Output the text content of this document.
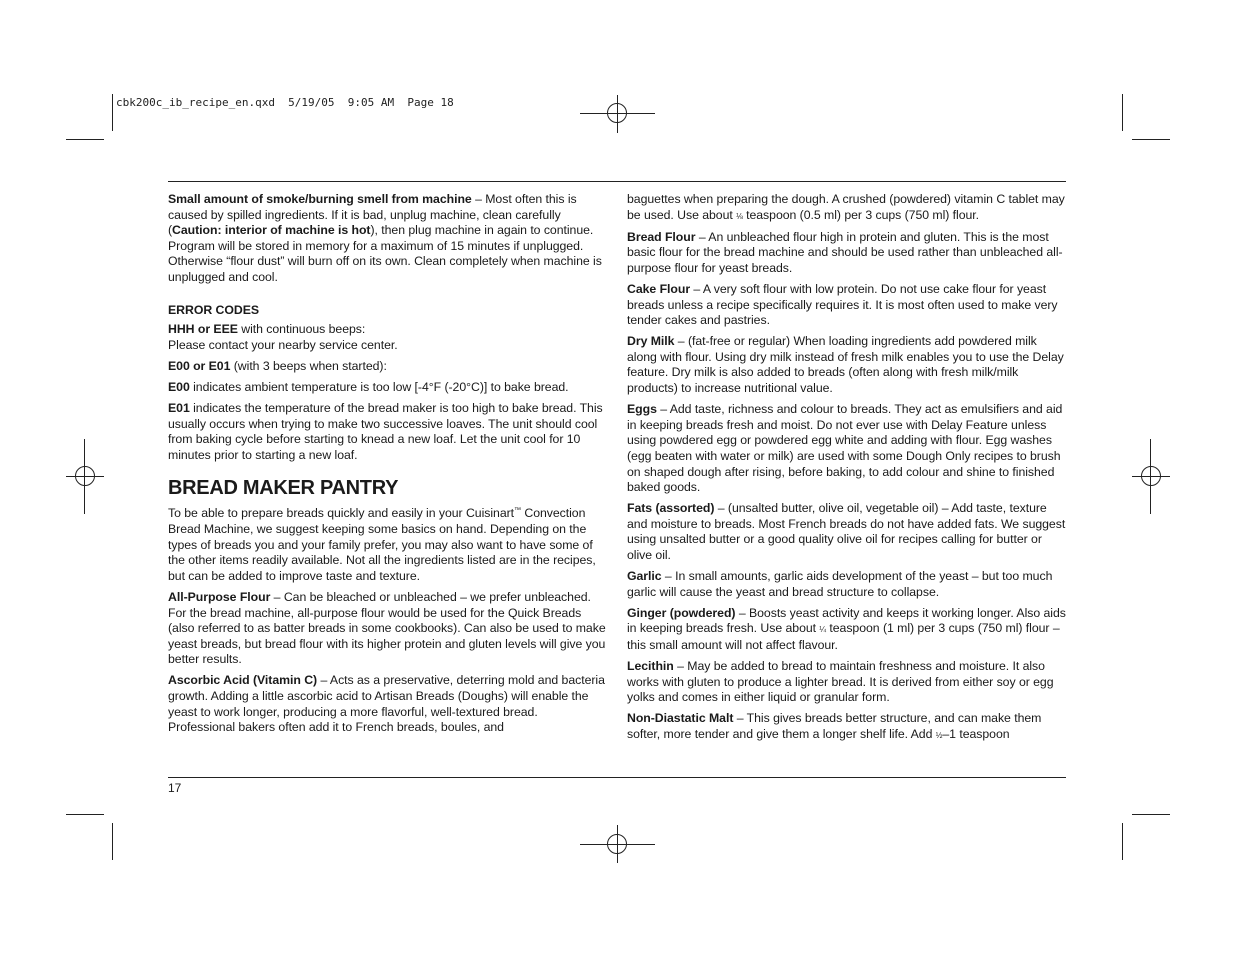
cbk200c_ib_recipe_en.qxd  5/19/05  9:05 AM  Page 18

Small amount of smoke/burning smell from machine – Most often this is caused by spilled ingredients. If it is bad, unplug machine, clean carefully (Caution: interior of machine is hot), then plug machine in again to continue. Program will be stored in memory for a maximum of 15 minutes if unplugged. Otherwise “flour dust” will burn off on its own. Clean completely when machine is unplugged and cool.

ERROR CODES

HHH or EEE with continuous beeps:
Please contact your nearby service center.

E00 or E01 (with 3 beeps when started):

E00 indicates ambient temperature is too low [-4°F (-20°C)] to bake bread.

E01 indicates the temperature of the bread maker is too high to bake bread. This usually occurs when trying to make two successive loaves. The unit should cool from baking cycle before starting to knead a new loaf. Let the unit cool for 10 minutes prior to starting a new loaf.

BREAD MAKER PANTRY

To be able to prepare breads quickly and easily in your Cuisinart™ Convection Bread Machine, we suggest keeping some basics on hand. Depending on the types of breads you and your family prefer, you may also want to have some of the other items readily available. Not all the ingredients listed are in the recipes, but can be added to improve taste and texture.

All-Purpose Flour – Can be bleached or unbleached – we prefer unbleached. For the bread machine, all-purpose flour would be used for the Quick Breads (also referred to as batter breads in some cookbooks). Can also be used to make yeast breads, but bread flour with its higher protein and gluten levels will give you better results.

Ascorbic Acid (Vitamin C) – Acts as a preservative, deterring mold and bacteria growth. Adding a little ascorbic acid to Artisan Breads (Doughs) will enable the yeast to work longer, producing a more flavorful, well-textured bread. Professional bakers often add it to French breads, boules, and

baguettes when preparing the dough. A crushed (powdered) vitamin C tablet may be used. Use about ⅛ teaspoon (0.5 ml) per 3 cups (750 ml) flour.

Bread Flour – An unbleached flour high in protein and gluten. This is the most basic flour for the bread machine and should be used rather than unbleached all-purpose flour for yeast breads.

Cake Flour – A very soft flour with low protein. Do not use cake flour for yeast breads unless a recipe specifically requires it. It is most often used to make very tender cakes and pastries.

Dry Milk – (fat-free or regular) When loading ingredients add powdered milk along with flour. Using dry milk instead of fresh milk enables you to use the Delay feature. Dry milk is also added to breads (often along with fresh milk/milk products) to increase nutritional value.

Eggs – Add taste, richness and colour to breads. They act as emulsifiers and aid in keeping breads fresh and moist. Do not ever use with Delay Feature unless using powdered egg or powdered egg white and adding with flour. Egg washes (egg beaten with water or milk) are used with some Dough Only recipes to brush on shaped dough after rising, before baking, to add colour and shine to finished baked goods.

Fats (assorted) – (unsalted butter, olive oil, vegetable oil) – Add taste, texture and moisture to breads. Most French breads do not have added fats. We suggest using unsalted butter or a good quality olive oil for recipes calling for butter or olive oil.

Garlic – In small amounts, garlic aids development of the yeast – but too much garlic will cause the yeast and bread structure to collapse.

Ginger (powdered) – Boosts yeast activity and keeps it working longer. Also aids in keeping breads fresh. Use about ¼ teaspoon (1 ml) per 3 cups (750 ml) flour – this small amount will not affect flavour.

Lecithin – May be added to bread to maintain freshness and moisture. It also works with gluten to produce a lighter bread. It is derived from either soy or egg yolks and comes in either liquid or granular form.

Non-Diastatic Malt – This gives breads better structure, and can make them softer, more tender and give them a longer shelf life. Add ½–1 teaspoon

17
